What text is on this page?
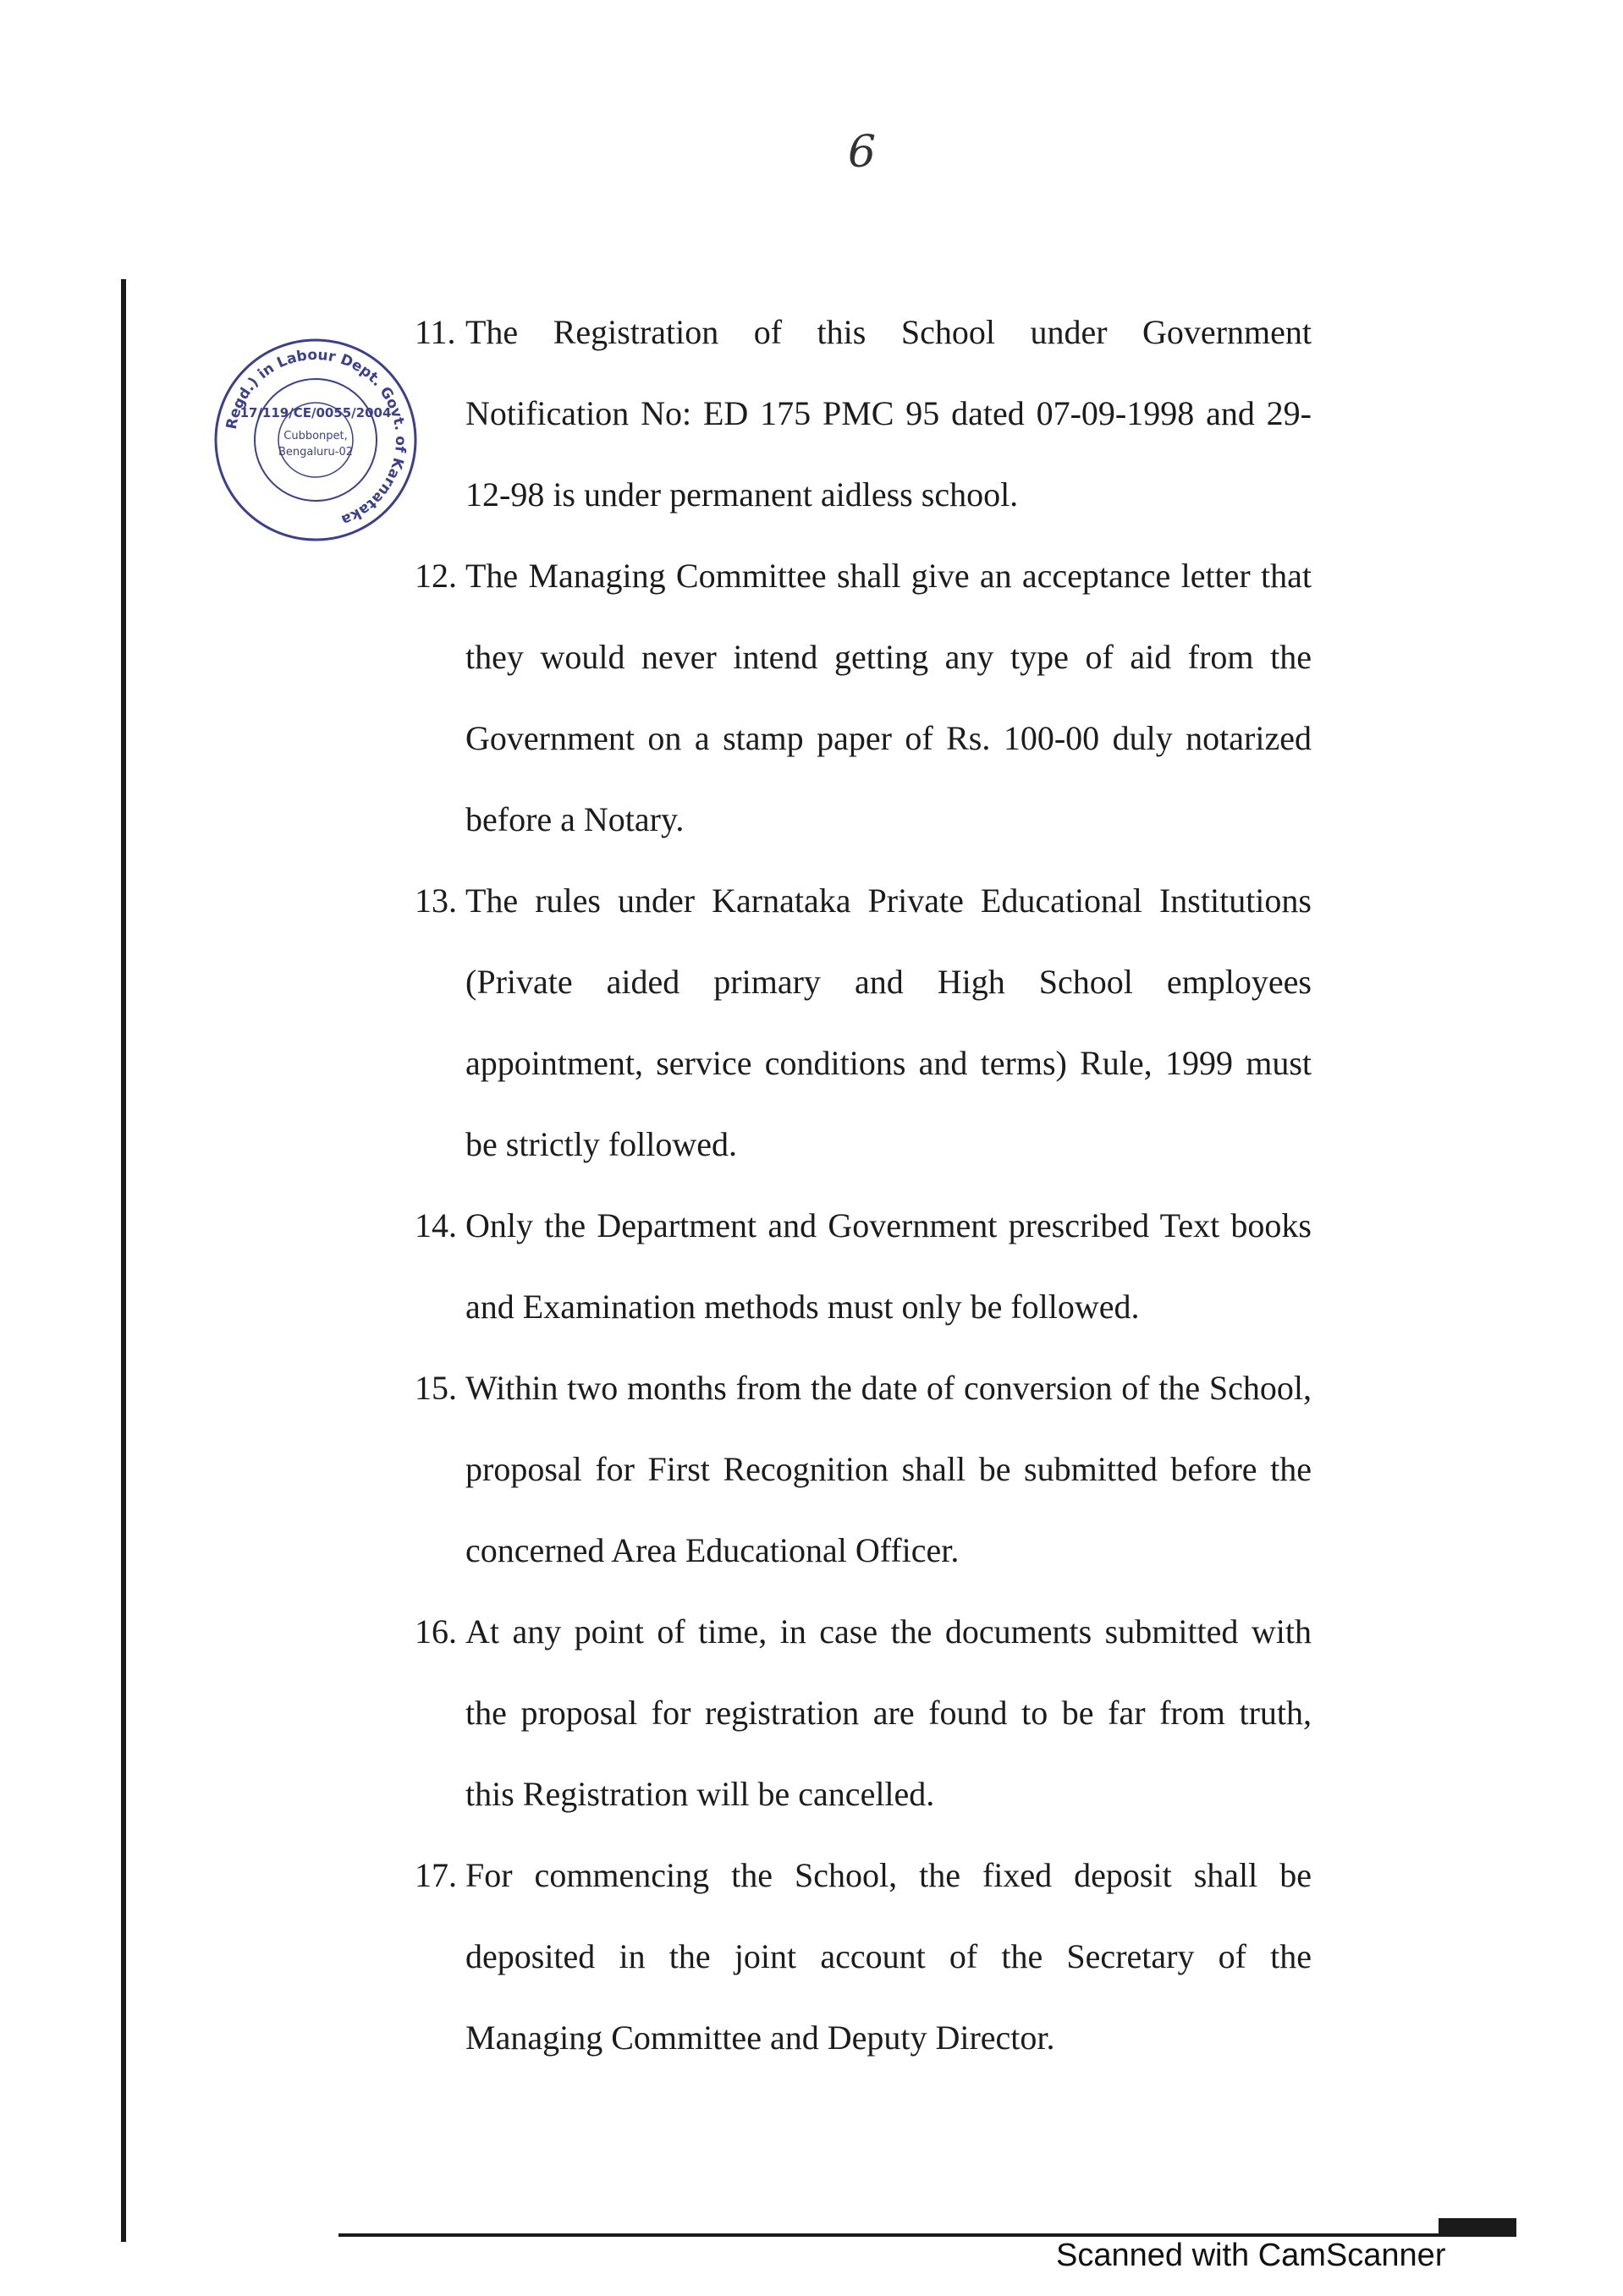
6
Regd.) in Labour Dept. Govt. of Karnataka
17/119/CE/0055/2004
Cubbonpet,
Bengaluru-02
11. The Registration of this School under Government Notification No: ED 175 PMC 95 dated 07-09-1998 and 29-12-98 is under permanent aidless school.
12. The Managing Committee shall give an acceptance letter that they would never intend getting any type of aid from the Government on a stamp paper of Rs. 100-00 duly notarized before a Notary.
13. The rules under Karnataka Private Educational Institutions (Private aided primary and High School employees appointment, service conditions and terms) Rule, 1999 must be strictly followed.
14. Only the Department and Government prescribed Text books and Examination methods must only be followed.
15. Within two months from the date of conversion of the School, proposal for First Recognition shall be submitted before the concerned Area Educational Officer.
16. At any point of time, in case the documents submitted with the proposal for registration are found to be far from truth, this Registration will be cancelled.
17. For commencing the School, the fixed deposit shall be deposited in the joint account of the Secretary of the Managing Committee and Deputy Director.
Scanned with CamScanner
